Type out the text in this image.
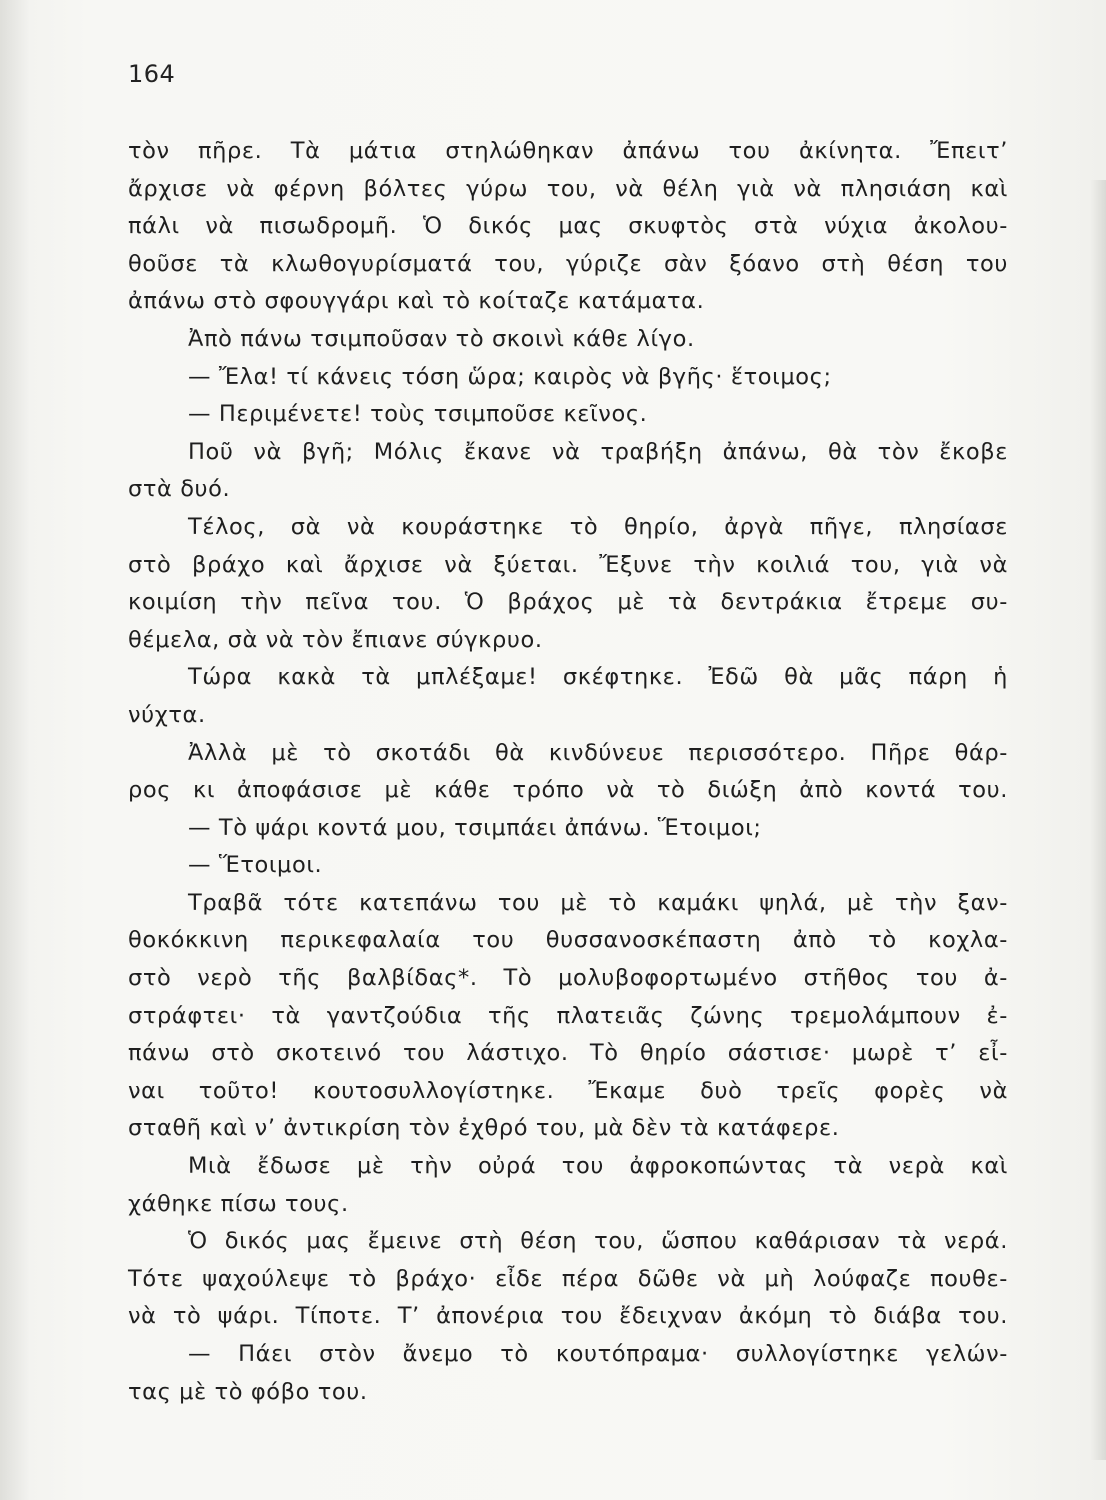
164
τὸν πῆρε. Τὰ μάτια στηλώθηκαν ἀπάνω του ἀκίνητα. Ἔπειτ’
ἄρχισε νὰ φέρνη βόλτες γύρω του, νὰ θέλη γιὰ νὰ πλησιάση καὶ
πάλι νὰ πισωδρομῆ. Ὁ δικός μας σκυφτὸς στὰ νύχια ἀκολου-
θοῦσε τὰ κλωθογυρίσματά του, γύριζε σὰν ξόανο στὴ θέση του
ἀπάνω στὸ σφουγγάρι καὶ τὸ κοίταζε κατάματα.
Ἀπὸ πάνω τσιμποῦσαν τὸ σκοινὶ κάθε λίγο.
— Ἔλα! τί κάνεις τόση ὥρα; καιρὸς νὰ βγῆς· ἕτοιμος;
— Περιμένετε! τοὺς τσιμποῦσε κεῖνος.
Ποῦ νὰ βγῆ; Μόλις ἔκανε νὰ τραβήξη ἀπάνω, θὰ τὸν ἔκοβε
στὰ δυό.
Τέλος, σὰ νὰ κουράστηκε τὸ θηρίο, ἀργὰ πῆγε, πλησίασε
στὸ βράχο καὶ ἄρχισε νὰ ξύεται. Ἔξυνε τὴν κοιλιά του, γιὰ νὰ
κοιμίση τὴν πεῖνα του. Ὁ βράχος μὲ τὰ δεντράκια ἔτρεμε συ-
θέμελα, σὰ νὰ τὸν ἔπιανε σύγκρυο.
Τώρα κακὰ τὰ μπλέξαμε! σκέφτηκε. Ἐδῶ θὰ μᾶς πάρη ἡ
νύχτα.
Ἀλλὰ μὲ τὸ σκοτάδι θὰ κινδύνευε περισσότερο. Πῆρε θάρ-
ρος κι ἀποφάσισε μὲ κάθε τρόπο νὰ τὸ διώξη ἀπὸ κοντά του.
— Τὸ ψάρι κοντά μου, τσιμπάει ἀπάνω. Ἕτοιμοι;
— Ἕτοιμοι.
Τραβᾶ τότε κατεπάνω του μὲ τὸ καμάκι ψηλά, μὲ τὴν ξαν-
θοκόκκινη περικεφαλαία του θυσσανοσκέπαστη ἀπὸ τὸ κοχλα-
στὸ νερὸ τῆς βαλβίδας*. Τὸ μολυβοφορτωμένο στῆθος του ἀ-
στράφτει· τὰ γαντζούδια τῆς πλατειᾶς ζώνης τρεμολάμπουν ἐ-
πάνω στὸ σκοτεινό του λάστιχο. Τὸ θηρίο σάστισε· μωρὲ τ’ εἶ-
ναι τοῦτο! κουτοσυλλογίστηκε. Ἔκαμε δυὸ τρεῖς φορὲς νὰ
σταθῆ καὶ ν’ ἀντικρίση τὸν ἐχθρό του, μὰ δὲν τὰ κατάφερε.
Μιὰ ἔδωσε μὲ τὴν οὐρά του ἀφροκοπώντας τὰ νερὰ καὶ
χάθηκε πίσω τους.
Ὁ δικός μας ἔμεινε στὴ θέση του, ὥσπου καθάρισαν τὰ νερά.
Τότε ψαχούλεψε τὸ βράχο· εἶδε πέρα δῶθε νὰ μὴ λούφαζε πουθε-
νὰ τὸ ψάρι. Τίποτε. Τ’ ἀπονέρια του ἔδειχναν ἀκόμη τὸ διάβα του.
— Πάει στὸν ἄνεμο τὸ κουτόπραμα· συλλογίστηκε γελών-
τας μὲ τὸ φόβο του.
